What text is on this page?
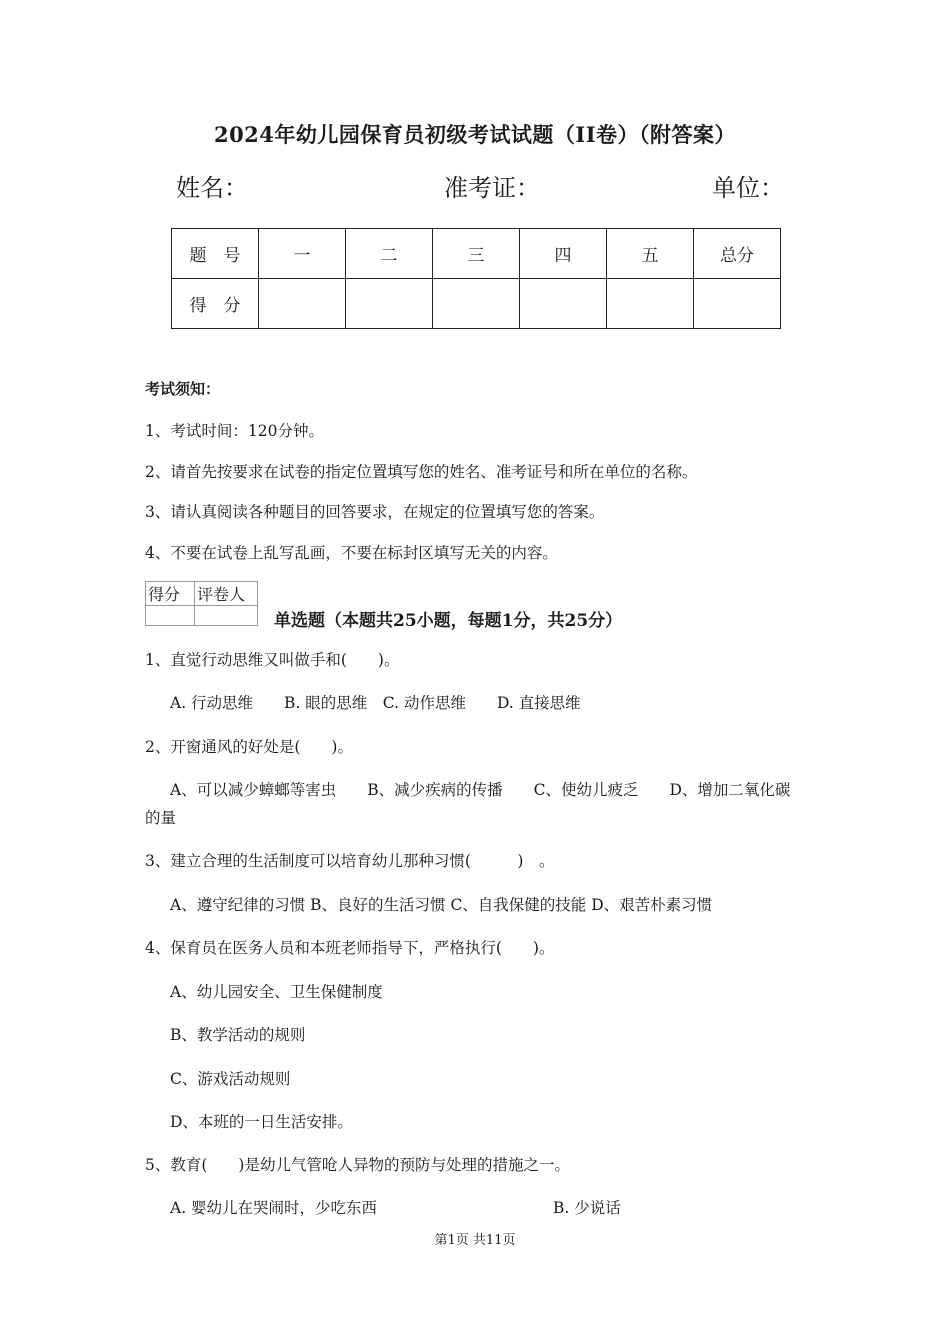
2024年幼儿园保育员初级考试试题（II卷）（附答案）
姓名：	准考证：	单位：
题　号	一	二	三	四	五	总分
得　分						
考试须知：
1、考试时间：120分钟。
2、请首先按要求在试卷的指定位置填写您的姓名、准考证号和所在单位的名称。
3、请认真阅读各种题目的回答要求，在规定的位置填写您的答案。
4、不要在试卷上乱写乱画，不要在标封区填写无关的内容。
得分	评卷人

单选题（本题共25小题，每题1分，共25分）
1、直觉行动思维又叫做手和(　　)。
A. 行动思维　　B. 眼的思维　C. 动作思维　　D. 直接思维
2、开窗通风的好处是(　　)。
A、可以减少蟑螂等害虫　　B、减少疾病的传播　　C、使幼儿疲乏　　D、增加二氧化碳
的量
3、建立合理的生活制度可以培育幼儿那种习惯(　　　)　。
A、遵守纪律的习惯 B、良好的生活习惯 C、自我保健的技能 D、艰苦朴素习惯
4、保育员在医务人员和本班老师指导下，严格执行(　　)。
A、幼儿园安全、卫生保健制度
B、教学活动的规则
C、游戏活动规则
D、本班的一日生活安排。
5、教育(　　)是幼儿气管呛人异物的预防与处理的措施之一。
A. 婴幼儿在哭闹时，少吃东西	B. 少说话
第1页 共11页
